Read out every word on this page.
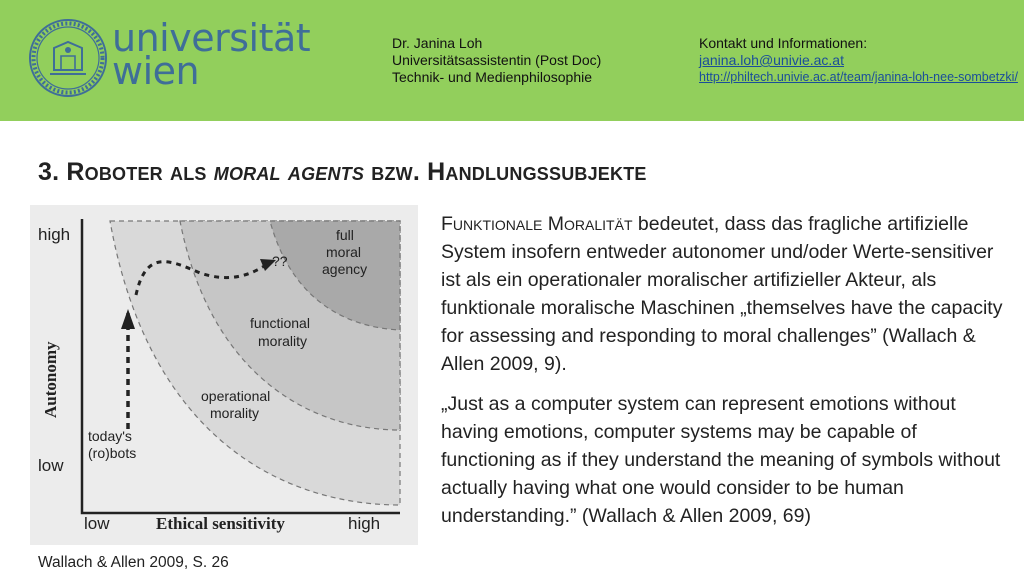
universität
wien
Dr. Janina Loh
Universitätsassistentin (Post Doc)
Technik- und Medienphilosophie
Kontakt und Informationen:
janina.loh@univie.ac.at
http://philtech.univie.ac.at/team/janina-loh-nee-sombetzki/
3. Roboter als moral agents bzw. Handlungssubjekte
high
low
Autonomy
low	Ethical sensitivity	high
full
moral
agency
??
functional
morality
operational
morality
today's
(ro)bots
Wallach & Allen 2009, S. 26

Funktionale Moralität bedeutet, dass das fragliche artifizielle System insofern entweder autonomer und/oder Werte-sensitiver ist als ein operationaler moralischer artifizieller Akteur, als funktionale moralische Maschinen „themselves have the capacity for assessing and responding to moral challenges” (Wallach & Allen 2009, 9).

„Just as a computer system can represent emotions without having emotions, computer systems may be capable of functioning as if they understand the meaning of symbols without actually having what one would consider to be human understanding.” (Wallach & Allen 2009, 69)
